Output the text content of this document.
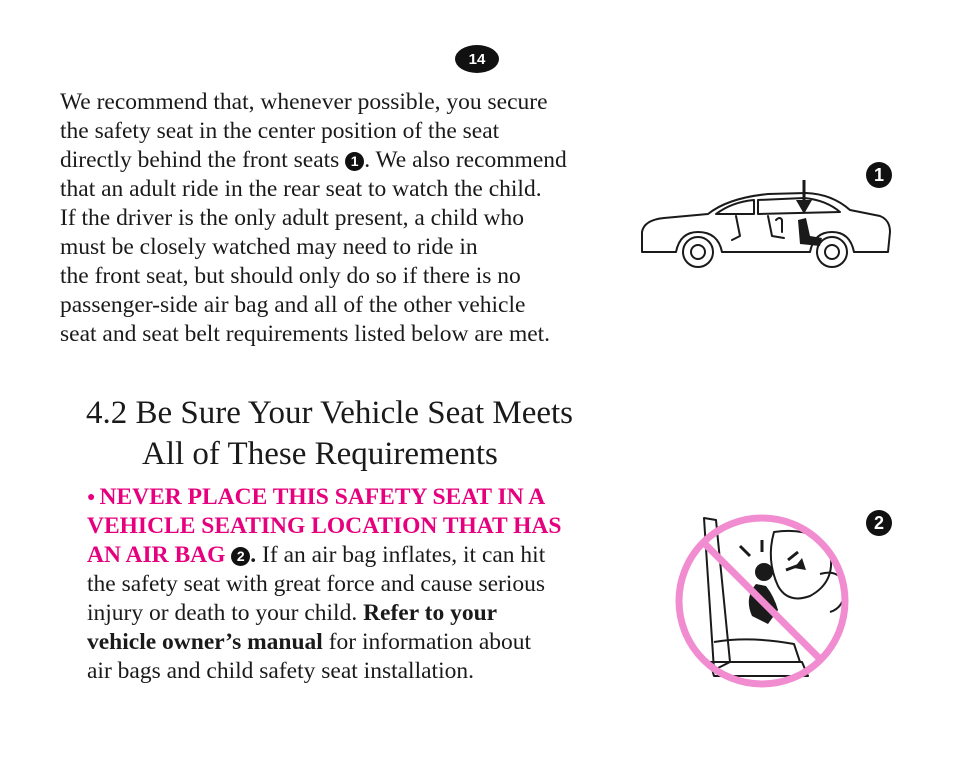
14
We recommend that, whenever possible, you secure
the safety seat in the center position of the seat
directly behind the front seats 1 . We also recommend
that an adult ride in the rear seat to watch the child.
If the driver is the only adult present, a child who
must be closely watched may need to ride in
the front seat, but should only do so if there is no
passenger-side air bag and all of the other vehicle
seat and seat belt requirements listed below are met.
4.2 Be Sure Your Vehicle Seat Meets
All of These Requirements
● NEVER PLACE THIS SAFETY SEAT IN A
VEHICLE SEATING LOCATION THAT HAS
AN AIR BAG 2 . If an air bag inflates, it can hit
the safety seat with great force and cause serious
injury or death to your child. Refer to your
vehicle owner’s manual for information about
air bags and child safety seat installation.
1
2
